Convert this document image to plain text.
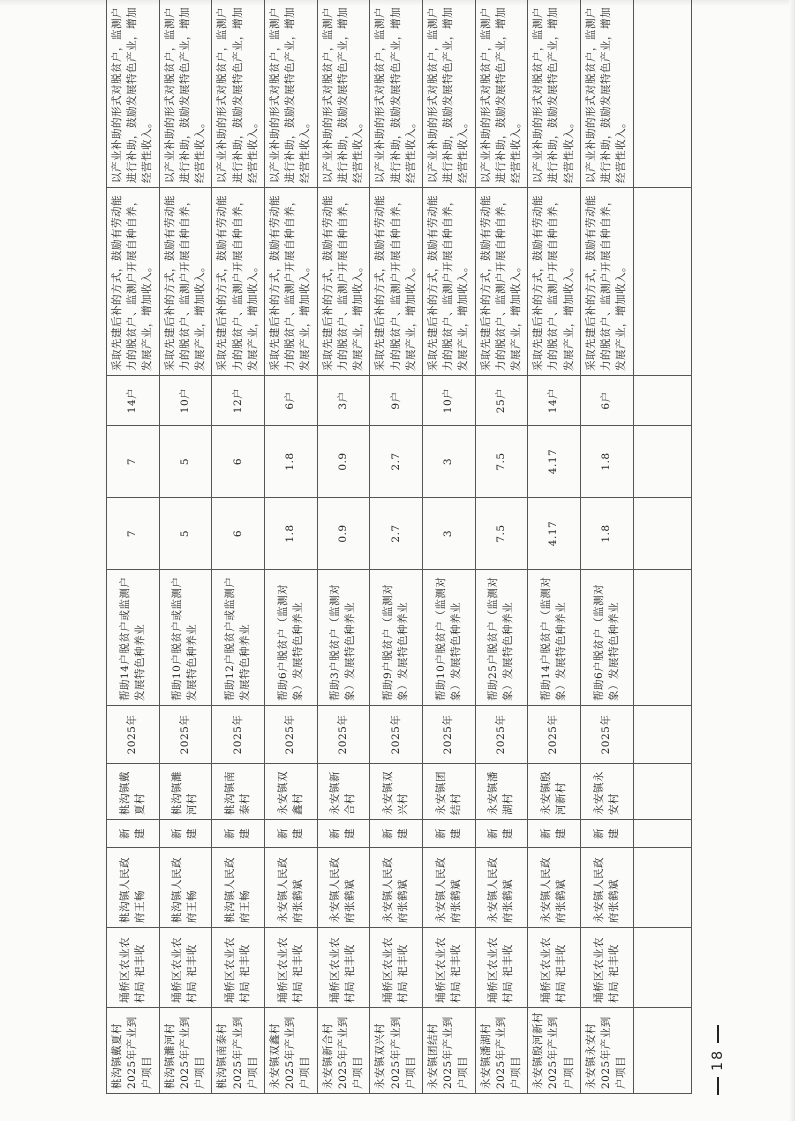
桃沟镇戴夏村2025年产业到户项目	埇桥区农业农村局 祀丰收	桃沟镇人民政府王畅	新建	桃沟镇戴夏村	2025年	帮助14户脱贫户或监测户发展特色种养业	7	7	14户	采取先建后补的方式，鼓励有劳动能力的脱贫户、监测户开展自种自养，发展产业，增加收入。	以产业补助的形式对脱贫户，监测户进行补助，鼓励发展特色产业，增加经营性收入。
桃沟镇濉河村2025年产业到户项目	埇桥区农业农村局 祀丰收	桃沟镇人民政府王畅	新建	桃沟镇濉河村	2025年	帮助10户脱贫户或监测户发展特色种养业	5	5	10户	采取先建后补的方式，鼓励有劳动能力的脱贫户、监测户开展自种自养，发展产业，增加收入。	以产业补助的形式对脱贫户，监测户进行补助，鼓励发展特色产业，增加经营性收入。
桃沟镇南泰村2025年产业到户项目	埇桥区农业农村局 祀丰收	桃沟镇人民政府王畅	新建	桃沟镇南泰村	2025年	帮助12户脱贫户或监测户发展特色种养业	6	6	12户	采取先建后补的方式，鼓励有劳动能力的脱贫户、监测户开展自种自养，发展产业，增加收入。	以产业补助的形式对脱贫户，监测户进行补助，鼓励发展特色产业，增加经营性收入。
永安镇双鑫村2025年产业到户项目	埇桥区农业农村局 祀丰收	永安镇人民政府张鹤斌	新建	永安镇双鑫村	2025年	帮助6户脱贫户（监测对象）发展特色种养业	1.8	1.8	6户	采取先建后补的方式，鼓励有劳动能力的脱贫户、监测户开展自种自养，发展产业，增加收入。	以产业补助的形式对脱贫户，监测户进行补助，鼓励发展特色产业，增加经营性收入。
永安镇新合村2025年产业到户项目	埇桥区农业农村局 祀丰收	永安镇人民政府张鹤斌	新建	永安镇新合村	2025年	帮助3户脱贫户（监测对象）发展特色种养业	0.9	0.9	3户	采取先建后补的方式，鼓励有劳动能力的脱贫户、监测户开展自种自养，发展产业，增加收入。	以产业补助的形式对脱贫户，监测户进行补助，鼓励发展特色产业，增加经营性收入。
永安镇双兴村2025年产业到户项目	埇桥区农业农村局 祀丰收	永安镇人民政府张鹤斌	新建	永安镇双兴村	2025年	帮助9户脱贫户（监测对象）发展特色种养业	2.7	2.7	9户	采取先建后补的方式，鼓励有劳动能力的脱贫户、监测户开展自种自养，发展产业，增加收入。	以产业补助的形式对脱贫户，监测户进行补助，鼓励发展特色产业，增加经营性收入。
永安镇团结村2025年产业到户项目	埇桥区农业农村局 祀丰收	永安镇人民政府张鹤斌	新建	永安镇团结村	2025年	帮助10户脱贫户（监测对象）发展特色种养业	3	3	10户	采取先建后补的方式，鼓励有劳动能力的脱贫户、监测户开展自种自养，发展产业，增加收入。	以产业补助的形式对脱贫户，监测户进行补助，鼓励发展特色产业，增加经营性收入。
永安镇潘湖村2025年产业到户项目	埇桥区农业农村局 祀丰收	永安镇人民政府张鹤斌	新建	永安镇潘湖村	2025年	帮助25户脱贫户（监测对象）发展特色种养业	7.5	7.5	25户	采取先建后补的方式，鼓励有劳动能力的脱贫户、监测户开展自种自养，发展产业，增加收入。	以产业补助的形式对脱贫户，监测户进行补助，鼓励发展特色产业，增加经营性收入。
永安镇殷河新村2025年产业到户项目	埇桥区农业农村局 祀丰收	永安镇人民政府张鹤斌	新建	永安镇殷河新村	2025年	帮助14户脱贫户（监测对象）发展特色种养业	4.17	4.17	14户	采取先建后补的方式，鼓励有劳动能力的脱贫户、监测户开展自种自养，发展产业，增加收入。	以产业补助的形式对脱贫户，监测户进行补助，鼓励发展特色产业，增加经营性收入。
永安镇永安村2025年产业到户项目	埇桥区农业农村局 祀丰收	永安镇人民政府张鹤斌	新建	永安镇永安村	2025年	帮助6户脱贫户（监测对象）发展特色种养业	1.8	1.8	6户	采取先建后补的方式，鼓励有劳动能力的脱贫户、监测户开展自种自养，发展产业，增加收入。	以产业补助的形式对脱贫户，监测户进行补助，鼓励发展特色产业，增加经营性收入。

18
